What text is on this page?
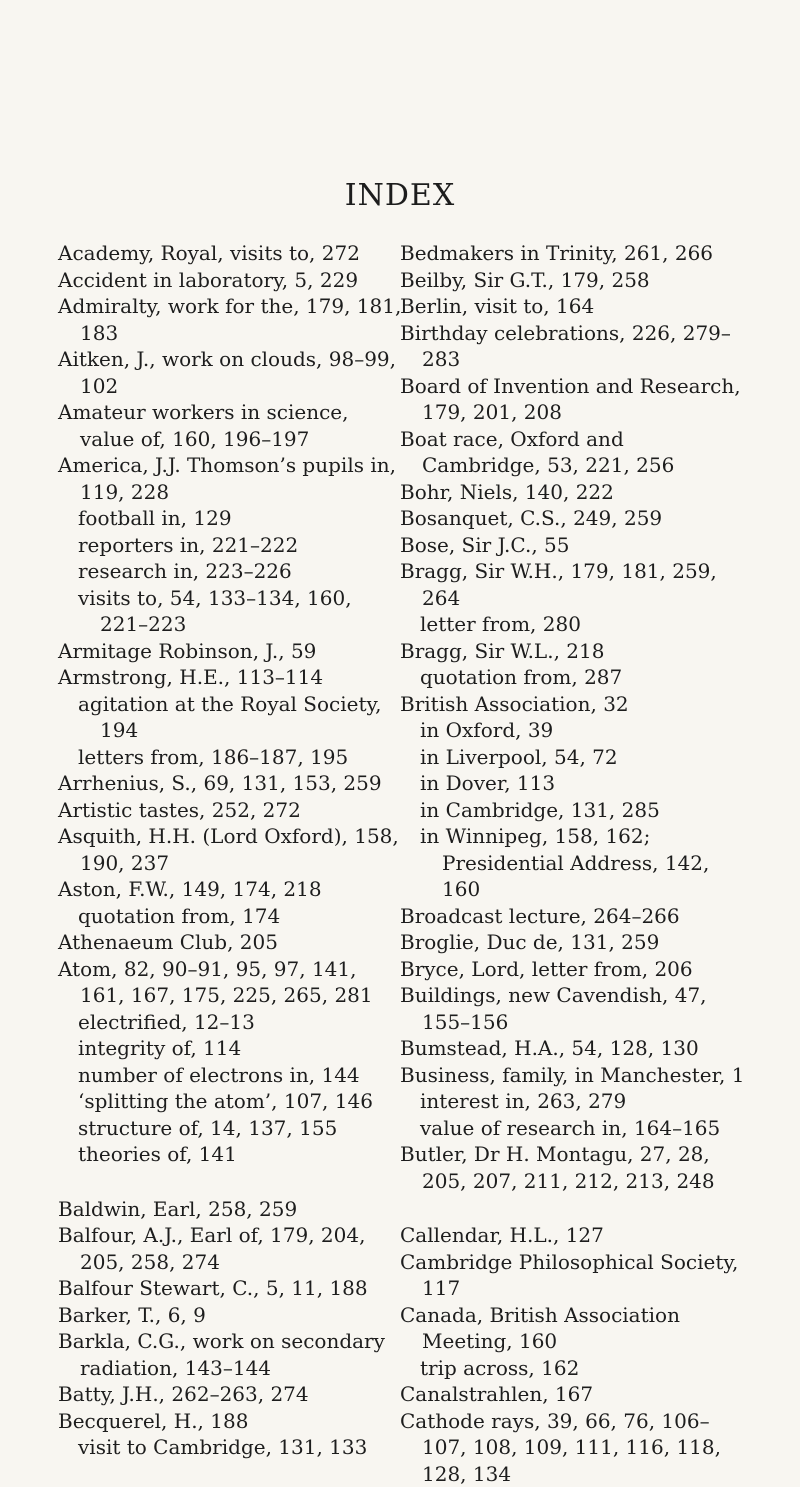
INDEX

Academy, Royal, visits to, 272

Accident in laboratory, 5, 229

Admiralty, work for the, 179, 181, 183

Aitken, J., work on clouds, 98–99, 102

Amateur workers in science, value of, 160, 196–197

America, J.J. Thomson’s pupils in, 119, 228

football in, 129

reporters in, 221–222

research in, 223–226

visits to, 54, 133–134, 160, 221–223

Armitage Robinson, J., 59

Armstrong, H.E., 113–114

agitation at the Royal Society, 194

letters from, 186–187, 195

Arrhenius, S., 69, 131, 153, 259

Artistic tastes, 252, 272

Asquith, H.H. (Lord Oxford), 158, 190, 237

Aston, F.W., 149, 174, 218

quotation from, 174

Athenaeum Club, 205

Atom, 82, 90–91, 95, 97, 141, 161, 167, 175, 225, 265, 281

electrified, 12–13

integrity of, 114

number of electrons in, 144

‘splitting the atom’, 107, 146

structure of, 14, 137, 155

theories of, 141

Baldwin, Earl, 258, 259

Balfour, A.J., Earl of, 179, 204, 205, 258, 274

Balfour Stewart, C., 5, 11, 188

Barker, T., 6, 9

Barkla, C.G., work on secondary radiation, 143–144

Batty, J.H., 262–263, 274

Becquerel, H., 188

visit to Cambridge, 131, 133

Bedmakers in Trinity, 261, 266

Beilby, Sir G.T., 179, 258

Berlin, visit to, 164

Birthday celebrations, 226, 279–283

Board of Invention and Research, 179, 201, 208

Boat race, Oxford and Cambridge, 53, 221, 256

Bohr, Niels, 140, 222

Bosanquet, C.S., 249, 259

Bose, Sir J.C., 55

Bragg, Sir W.H., 179, 181, 259, 264

letter from, 280

Bragg, Sir W.L., 218

quotation from, 287

British Association, 32

in Oxford, 39

in Liverpool, 54, 72

in Dover, 113

in Cambridge, 131, 285

in Winnipeg, 158, 162; Presidential Address, 142, 160

Broadcast lecture, 264–266

Broglie, Duc de, 131, 259

Bryce, Lord, letter from, 206

Buildings, new Cavendish, 47, 155–156

Bumstead, H.A., 54, 128, 130

Business, family, in Manchester, 1

interest in, 263, 279

value of research in, 164–165

Butler, Dr H. Montagu, 27, 28, 205, 207, 211, 212, 213, 248

Callendar, H.L., 127

Cambridge Philosophical Society, 117

Canada, British Association Meeting, 160

trip across, 162

Canalstrahlen, 167

Cathode rays, 39, 66, 76, 106–107, 108, 109, 111, 116, 118, 128, 134
